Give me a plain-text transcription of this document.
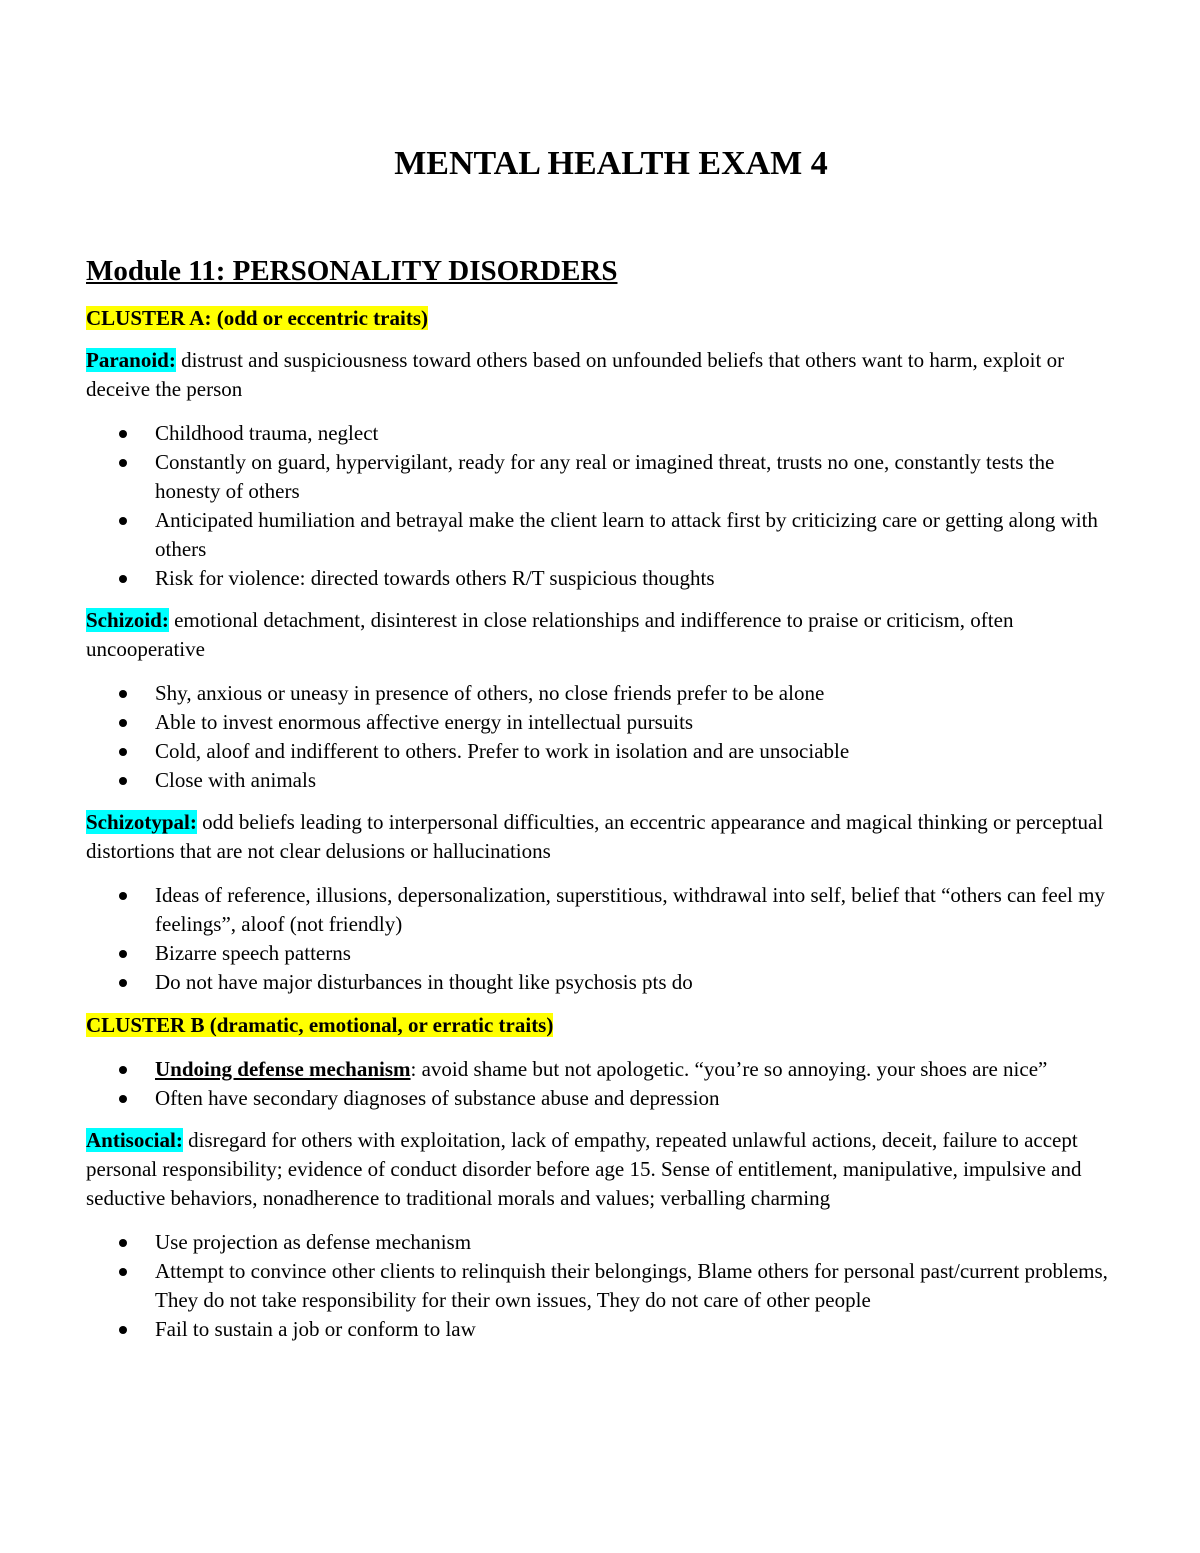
MENTAL HEALTH EXAM 4
Module 11: PERSONALITY DISORDERS
CLUSTER A: (odd or eccentric traits)
Paranoid: distrust and suspiciousness toward others based on unfounded beliefs that others want to harm, exploit or deceive the person
Childhood trauma, neglect
Constantly on guard, hypervigilant, ready for any real or imagined threat, trusts no one, constantly tests the honesty of others
Anticipated humiliation and betrayal make the client learn to attack first by criticizing care or getting along with others
Risk for violence: directed towards others R/T suspicious thoughts
Schizoid: emotional detachment, disinterest in close relationships and indifference to praise or criticism, often uncooperative
Shy, anxious or uneasy in presence of others, no close friends prefer to be alone
Able to invest enormous affective energy in intellectual pursuits
Cold, aloof and indifferent to others. Prefer to work in isolation and are unsociable
Close with animals
Schizotypal: odd beliefs leading to interpersonal difficulties, an eccentric appearance and magical thinking or perceptual distortions that are not clear delusions or hallucinations
Ideas of reference, illusions, depersonalization, superstitious, withdrawal into self, belief that “others can feel my feelings”, aloof (not friendly)
Bizarre speech patterns
Do not have major disturbances in thought like psychosis pts do
CLUSTER B (dramatic, emotional, or erratic traits)
Undoing defense mechanism: avoid shame but not apologetic. “you’re so annoying. your shoes are nice”
Often have secondary diagnoses of substance abuse and depression
Antisocial: disregard for others with exploitation, lack of empathy, repeated unlawful actions, deceit, failure to accept personal responsibility; evidence of conduct disorder before age 15. Sense of entitlement, manipulative, impulsive and seductive behaviors, nonadherence to traditional morals and values; verballing charming
Use projection as defense mechanism
Attempt to convince other clients to relinquish their belongings, Blame others for personal past/current problems, They do not take responsibility for their own issues, They do not care of other people
Fail to sustain a job or conform to law
